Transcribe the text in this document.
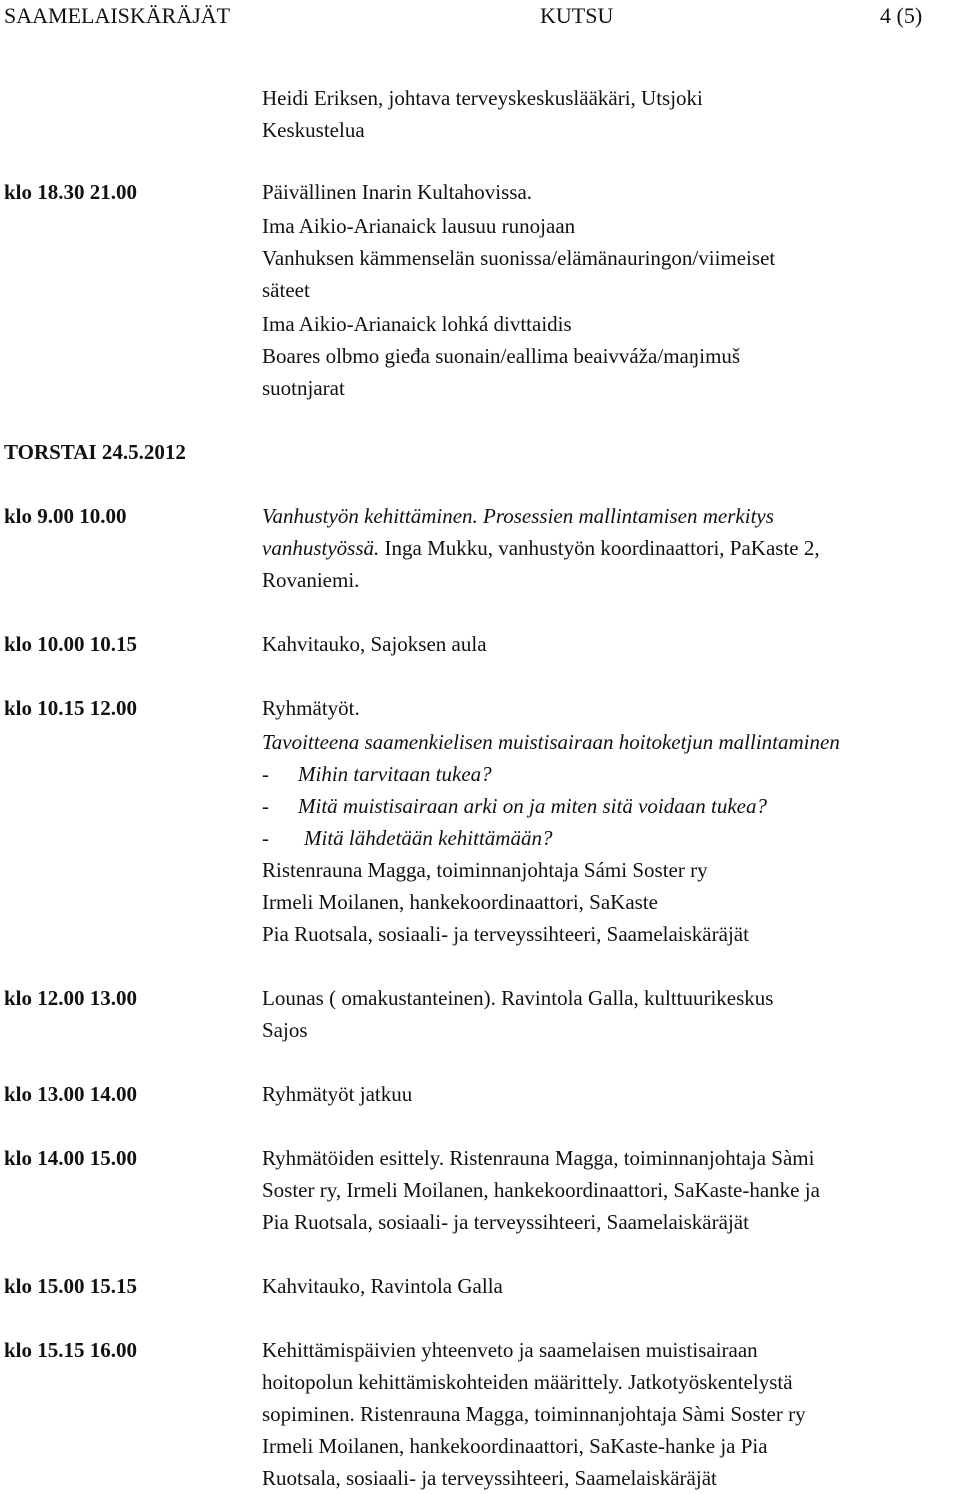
SAAMELAISKÄRÄJÄT	KUTSU	4 (5)
Heidi Eriksen, johtava terveyskeskuslääkäri, Utsjoki
Keskustelua
klo 18.30 21.00	Päivällinen Inarin Kultahovissa.
Ima Aikio-Arianaick lausuu runojaan
Vanhuksen kämmenselän suonissa/elämänauringon/viimeiset
säteet
Ima Aikio-Arianaick lohká divttaidis
Boares olbmo gieđa suonain/eallima beaivváža/maŋimuš
suotnjarat
TORSTAI 24.5.2012
klo 9.00 10.00	Vanhustyön kehittäminen. Prosessien mallintamisen merkitys
vanhustyössä. Inga Mukku, vanhustyön koordinaattori, PaKaste 2,
Rovaniemi.
klo 10.00 10.15	Kahvitauko, Sajoksen aula
klo 10.15 12.00	Ryhmätyöt.
Tavoitteena saamenkielisen muistisairaan hoitoketjun mallintaminen
- Mihin tarvitaan tukea?
- Mitä muistisairaan arki on ja miten sitä voidaan tukea?
- Mitä lähdetään kehittämään?
Ristenrauna Magga, toiminnanjohtaja Sámi Soster ry
Irmeli Moilanen, hankekoordinaattori, SaKaste
Pia Ruotsala, sosiaali- ja terveyssihteeri, Saamelaiskäräjät
klo 12.00 13.00	Lounas ( omakustanteinen). Ravintola Galla, kulttuurikeskus
Sajos
klo 13.00 14.00	Ryhmätyöt jatkuu
klo 14.00 15.00	Ryhmätöiden esittely. Ristenrauna Magga, toiminnanjohtaja Sàmi
Soster ry, Irmeli Moilanen, hankekoordinaattori, SaKaste-hanke ja
Pia Ruotsala, sosiaali- ja terveyssihteeri, Saamelaiskäräjät
klo 15.00 15.15	Kahvitauko, Ravintola Galla
klo 15.15 16.00	Kehittämispäivien yhteenveto ja saamelaisen muistisairaan
hoitopolun kehittämiskohteiden määrittely. Jatkotyöskentelystä
sopiminen. Ristenrauna Magga, toiminnanjohtaja Sàmi Soster ry
Irmeli Moilanen, hankekoordinaattori, SaKaste-hanke ja Pia
Ruotsala, sosiaali- ja terveyssihteeri, Saamelaiskäräjät
